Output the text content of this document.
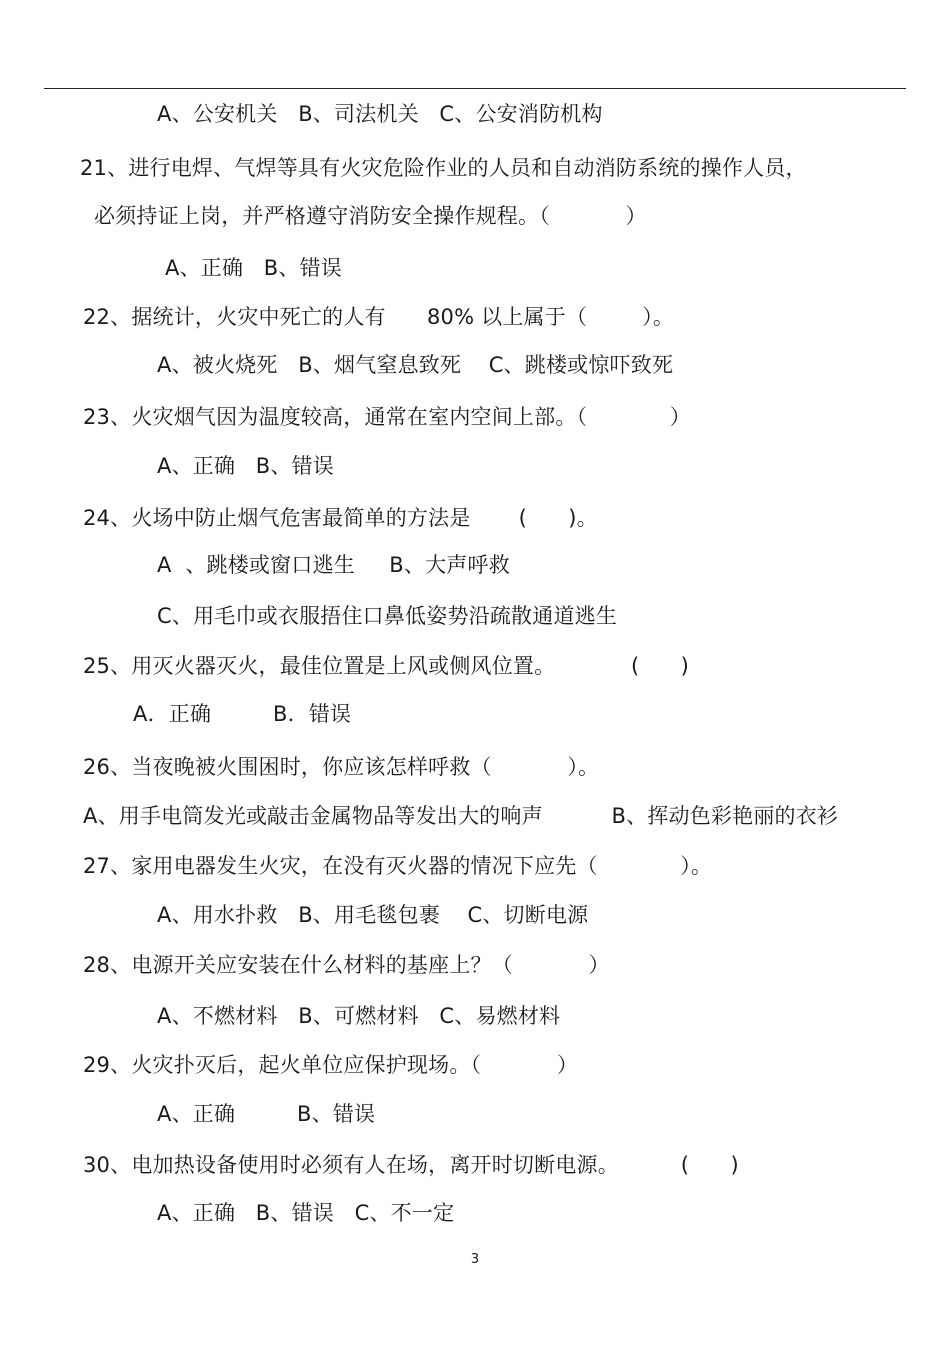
A、公安机关   B、司法机关   C、公安消防机构
21、进行电焊、气焊等具有火灾危险作业的人员和自动消防系统的操作人员，
必须持证上岗，并严格遵守消防安全操作规程。（           ）
A、正确   B、错误
22、据统计，火灾中死亡的人有      80% 以上属于（        ）。
A、被火烧死   B、烟气窒息致死    C、跳楼或惊吓致死
23、火灾烟气因为温度较高，通常在室内空间上部。（            ）
A、正确   B、错误
24、火场中防止烟气危害最简单的方法是       (      )。
A  、跳楼或窗口逃生     B、大声呼救
C、用毛巾或衣服捂住口鼻低姿势沿疏散通道逃生
25、用灭火器灭火，最佳位置是上风或侧风位置。           (      )
A．正确         B．错误
26、当夜晚被火围困时，你应该怎样呼救（           ）。
A、用手电筒发光或敲击金属物品等发出大的响声          B、挥动色彩艳丽的衣衫
27、家用电器发生火灾，在没有灭火器的情况下应先（            ）。
A、用水扑救   B、用毛毯包裹    C、切断电源
28、电源开关应安装在什么材料的基座上？（           ）
A、不燃材料   B、可燃材料   C、易燃材料
29、火灾扑灭后，起火单位应保护现场。（           ）
A、正确         B、错误
30、电加热设备使用时必须有人在场，离开时切断电源。         (      )
A、正确   B、错误   C、不一定
3
